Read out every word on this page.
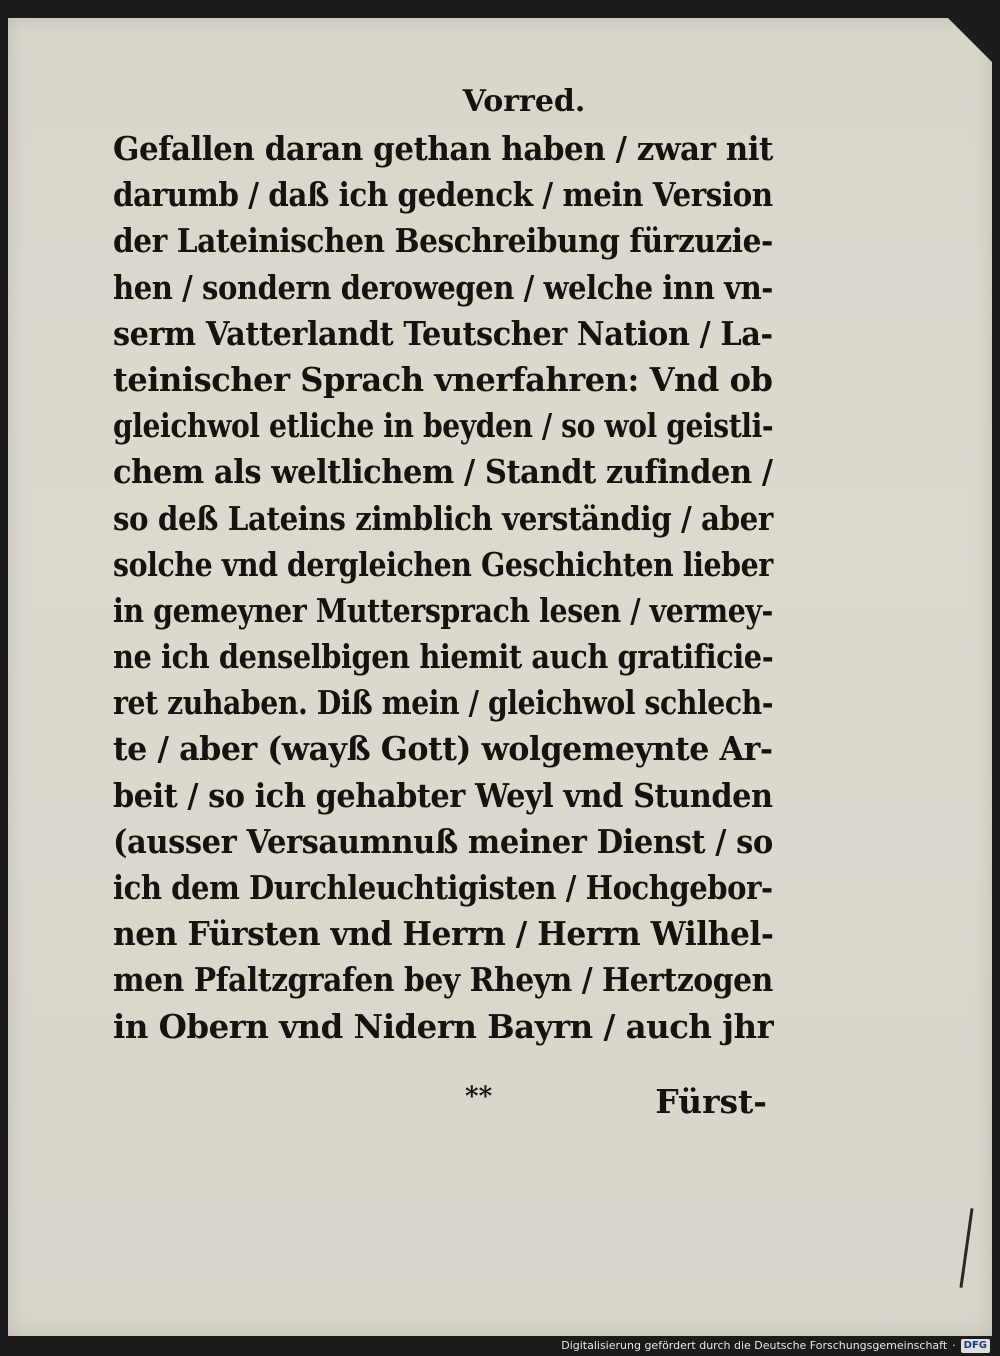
Vorred.
Gefallen daran gethan haben / zwar nit
darumb / daß ich gedenck / mein Version
der Lateinischen Beschreibung fürzuzie-
hen / sondern derowegen / welche inn vn-
serm Vatterlandt Teutscher Nation / La-
teinischer Sprach vnerfahren: Vnd ob
gleichwol etliche in beyden / so wol geistli-
chem als weltlichem / Standt zufinden /
so deß Lateins zimblich verständig / aber
solche vnd dergleichen Geschichten lieber
in gemeyner Muttersprach lesen / vermey-
ne ich denselbigen hiemit auch gratificie-
ret zuhaben. Diß mein / gleichwol schlech-
te / aber (wayß Gott) wolgemeynte Ar-
beit / so ich gehabter Weyl vnd Stunden
(ausser Versaumnuß meiner Dienst / so
ich dem Durchleuchtigisten / Hochgebor-
nen Fürsten vnd Herrn / Herrn Wilhel-
men Pfaltzgrafen bey Rheyn / Hertzogen
in Obern vnd Nidern Bayrn / auch jhr
**	Fürst-
Digitalisierung gefördert durch die Deutsche Forschungsgemeinschaft · DFG
